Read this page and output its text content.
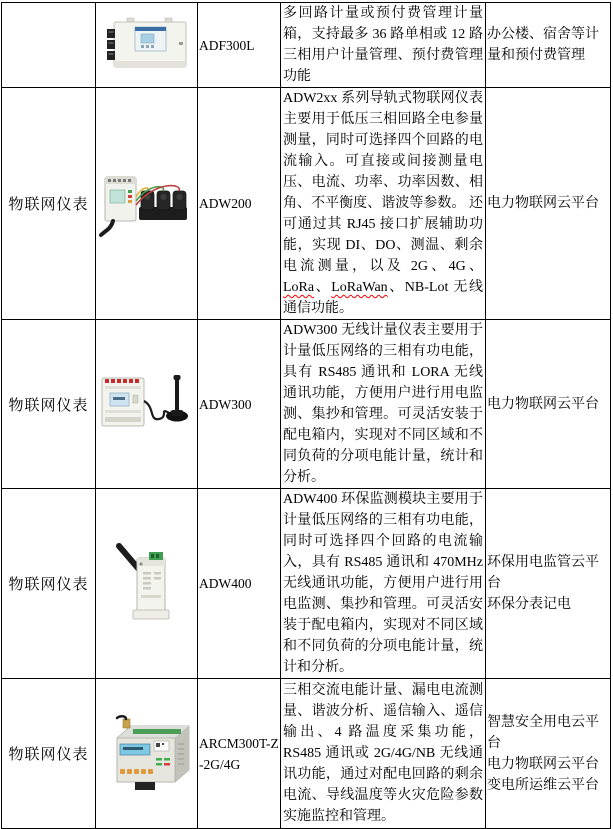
	ADF300L	多回路计量或预付费管理计量箱，支持最多 36 路单相或 12 路三相用户计量管理、预付费管理功能	办公楼、宿舍等计量和预付费管理

物联网仪表		ADW200	ADW2xx 系列导轨式物联网仪表主要用于低压三相回路全电参量测量，同时可选择四个回路的电流输入。可直接或间接测量电压、电流、功率、功率因数、相角、不平衡度、谐波等参数。 还可通过其 RJ45 接口扩展辅助功能，实现 DI、DO、测温、剩余电流测量，以及 2G、4G、LoRa、LoRaWan、NB-Lot 无线通信功能。	电力物联网云平台

物联网仪表		ADW300	ADW300 无线计量仪表主要用于计量低压网络的三相有功电能，具有 RS485 通讯和 LORA 无线通讯功能，方便用户进行用电监测、集抄和管理。可灵活安装于配电箱内，实现对不同区域和不同负荷的分项电能计量，统计和分析。	电力物联网云平台

物联网仪表		ADW400	ADW400 环保监测模块主要用于计量低压网络的三相有功电能，同时可选择四个回路的电流输入，具有 RS485 通讯和 470MHz 无线通讯功能，方便用户进行用电监测、集抄和管理。可灵活安装于配电箱内，实现对不同区域和不同负荷的分项电能计量，统计和分析。	环保用电监管云平台
环保分表记电

物联网仪表		ARCM300T-Z-2G/4G	三相交流电能计量、漏电电流测量、谐波分析、遥信输入、遥信输出、4 路温度采集功能，RS485 通讯或 2G/4G/NB 无线通讯功能，通过对配电回路的剩余电流、导线温度等火灾危险参数实施监控和管理。	智慧安全用电云平台
电力物联网云平台
变电所运维云平台
